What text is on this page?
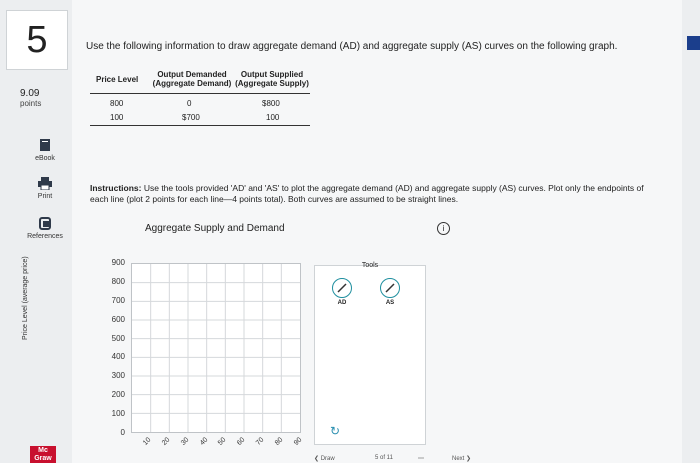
5
9.09
points
eBook
Print
References
Mc
Graw
Use the following information to draw aggregate demand (AD) and aggregate supply (AS) curves on the following graph.
Price Level
Output Demanded
(Aggregate Demand)
Output Supplied
(Aggregate Supply)
800	0	$800
100	$700	100
Instructions: Use the tools provided 'AD' and 'AS' to plot the aggregate demand (AD) and aggregate supply (AS) curves. Plot only the endpoints of each line (plot 2 points for each line—4 points total). Both curves are assumed to be straight lines.
Aggregate Supply and Demand	i
Price Level (average price)	900
800
700
600
500
400
300
200
100
0
10 20 30 40 50 60 70 80 90
Tools
AD	AS
↻
❮ Draw	5 of 11	⋯	Next ❯
